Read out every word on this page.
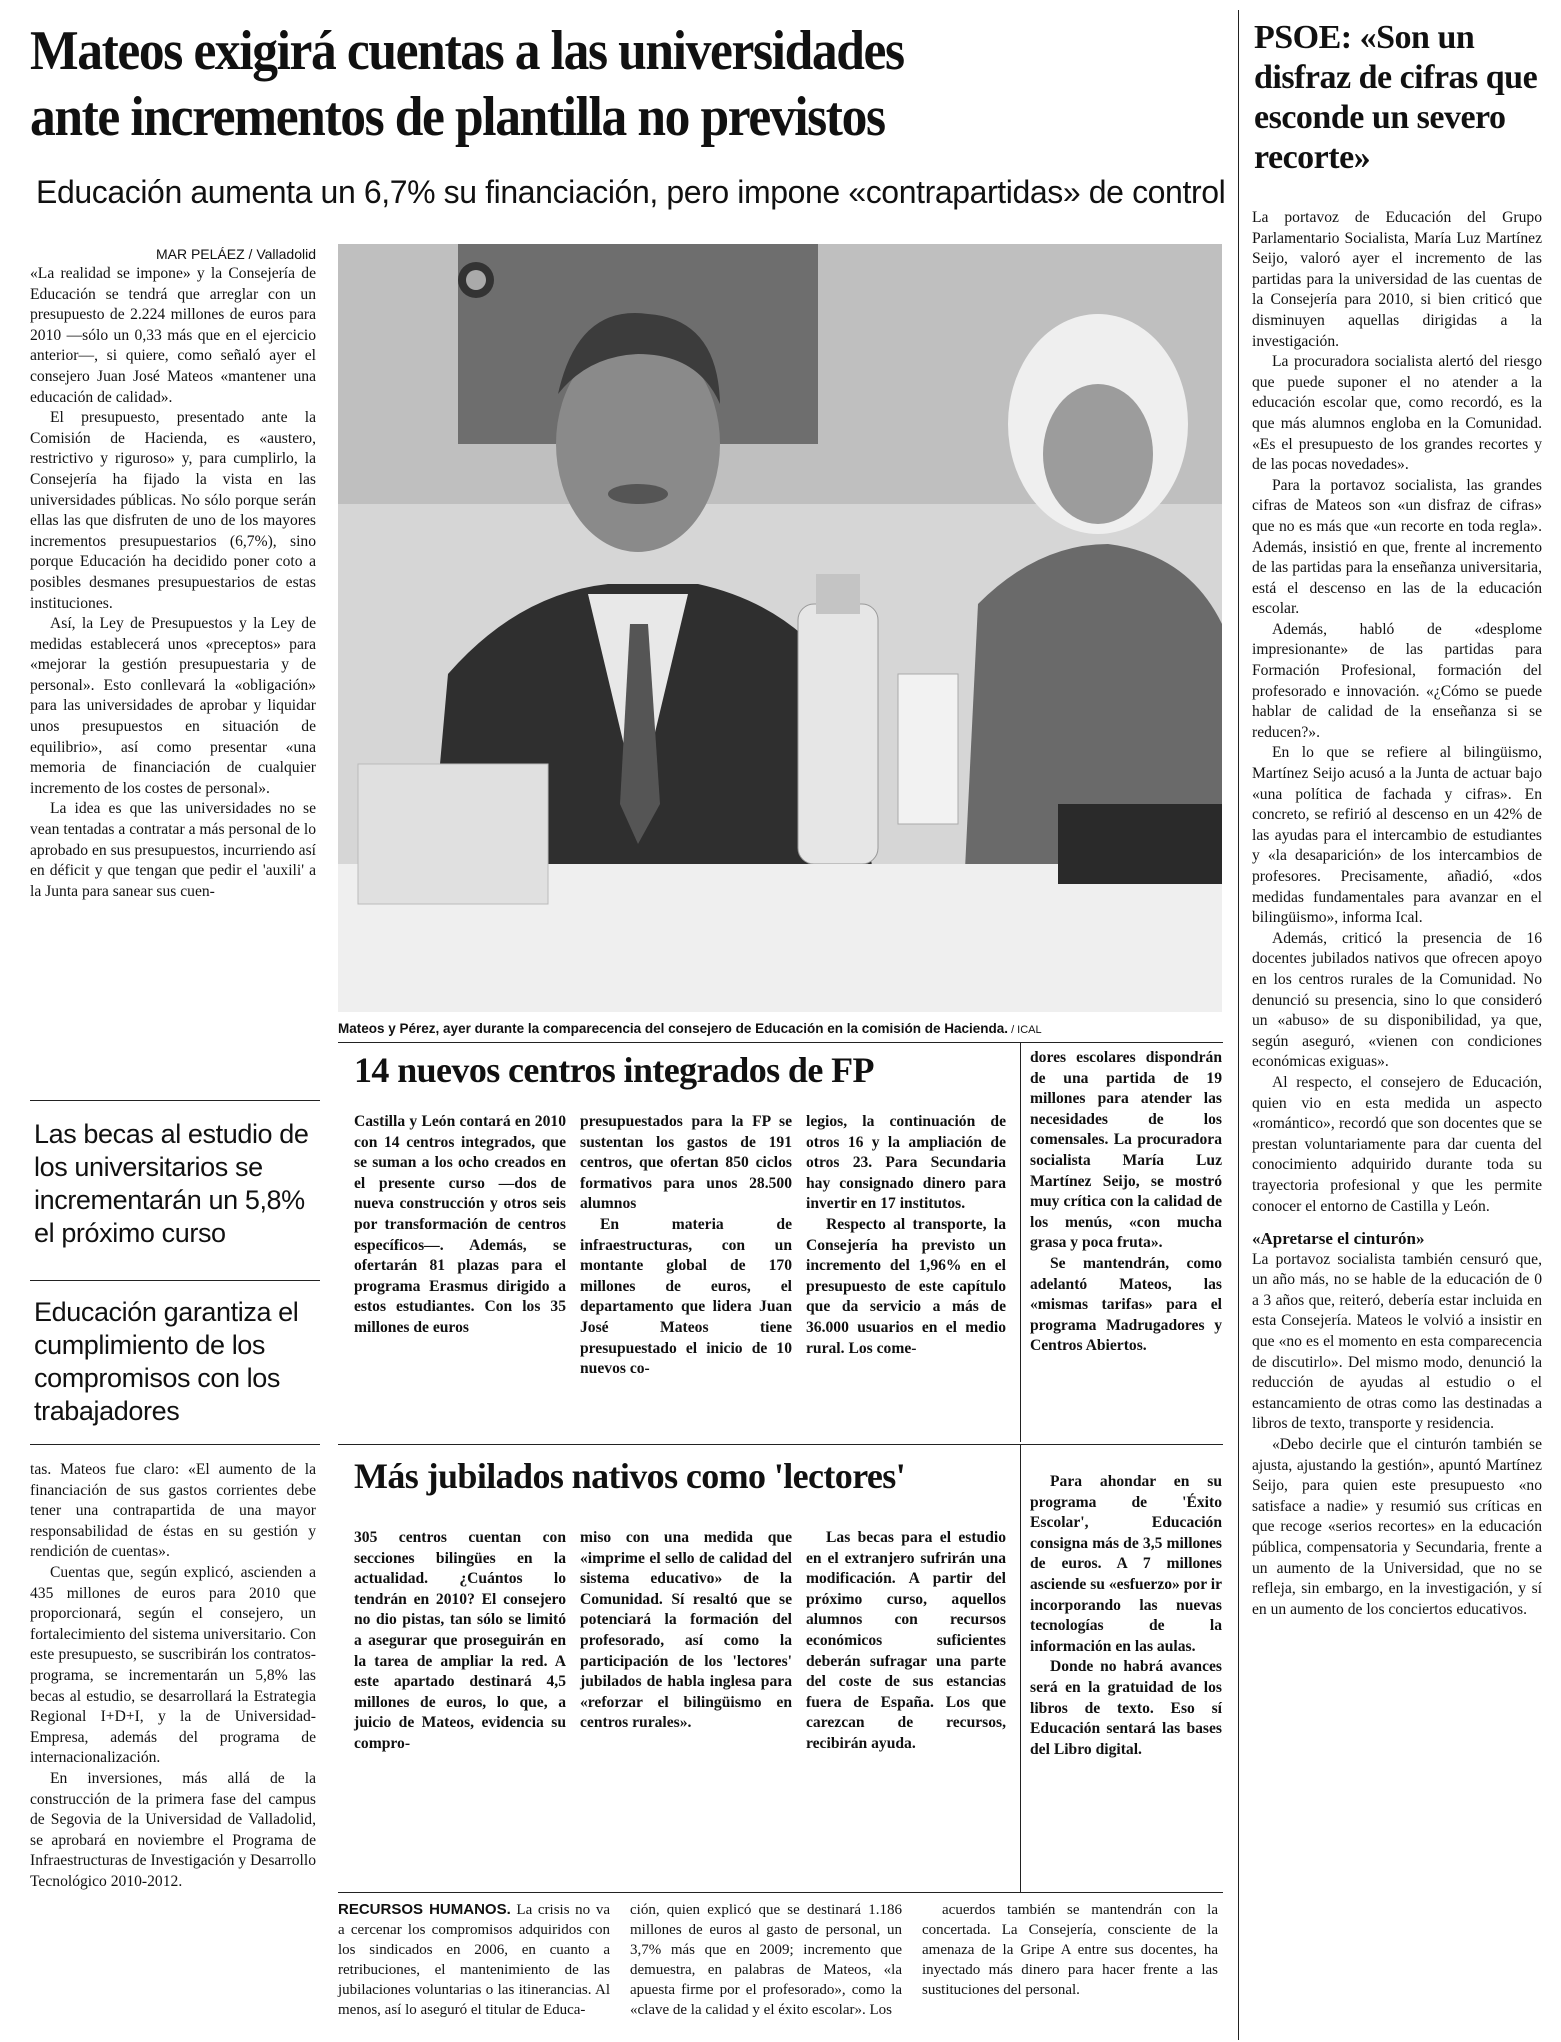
Mateos exigirá cuentas a las universidades
ante incrementos de plantilla no previstos
Educación aumenta un 6,7% su financiación, pero impone «contrapartidas» de control
PSOE: «Son un disfraz de cifras que esconde un severo recorte»

MAR PELÁEZ / Valladolid

«La realidad se impone» y la Consejería de Educación se tendrá que arreglar con un presupuesto de 2.224 millones de euros para 2010 —sólo un 0,33 más que en el ejercicio anterior—, si quiere, como señaló ayer el consejero Juan José Mateos «mantener una educación de calidad».

El presupuesto, presentado ante la Comisión de Hacienda, es «austero, restrictivo y riguroso» y, para cumplirlo, la Consejería ha fijado la vista en las universidades públicas. No sólo porque serán ellas las que disfruten de uno de los mayores incrementos presupuestarios (6,7%), sino porque Educación ha decidido poner coto a posibles desmanes presupuestarios de estas instituciones.

Así, la Ley de Presupuestos y la Ley de medidas establecerá unos «preceptos» para «mejorar la gestión presupuestaria y de personal». Esto conllevará la «obligación» para las universidades de aprobar y liquidar unos presupuestos en situación de equilibrio», así como presentar «una memoria de financiación de cualquier incremento de los costes de personal».

La idea es que las universidades no se vean tentadas a contratar a más personal de lo aprobado en sus presupuestos, incurriendo así en déficit y que tengan que pedir el 'auxili' a la Junta para sanear sus cuen-

Las becas al estudio de los universitarios se incrementarán un 5,8% el próximo curso
Educación garantiza el cumplimiento de los compromisos con los trabajadores

tas. Mateos fue claro: «El aumento de la financiación de sus gastos corrientes debe tener una contrapartida de una mayor responsabilidad de éstas en su gestión y rendición de cuentas».

Cuentas que, según explicó, ascienden a 435 millones de euros para 2010 que proporcionará, según el consejero, un fortalecimiento del sistema universitario. Con este presupuesto, se suscribirán los contratos-programa, se incrementarán un 5,8% las becas al estudio, se desarrollará la Estrategia Regional I+D+I, y la de Universidad-Empresa, además del programa de internacionalización.

En inversiones, más allá de la construcción de la primera fase del campus de Segovia de la Universidad de Valladolid, se aprobará en noviembre el Programa de Infraestructuras de Investigación y Desarrollo Tecnológico 2010-2012.

Mateos y Pérez, ayer durante la comparecencia del consejero de Educación en la comisión de Hacienda. / ICAL
14 nuevos centros integrados de FP

Castilla y León contará en 2010 con 14 centros integrados, que se suman a los ocho creados en el presente curso —dos de nueva construcción y otros seis por transformación de centros específicos—. Además, se ofertarán 81 plazas para el programa Erasmus dirigido a estos estudiantes. Con los 35 millones de euros

presupuestados para la FP se sustentan los gastos de 191 centros, que ofertan 850 ciclos formativos para unos 28.500 alumnos

En materia de infraestructuras, con un montante global de 170 millones de euros, el departamento que lidera Juan José Mateos tiene presupuestado el inicio de 10 nuevos co-

legios, la continuación de otros 16 y la ampliación de otros 23. Para Secundaria hay consignado dinero para invertir en 17 institutos.

Respecto al transporte, la Consejería ha previsto un incremento del 1,96% en el presupuesto de este capítulo que da servicio a más de 36.000 usuarios en el medio rural. Los come-

dores escolares dispondrán de una partida de 19 millones para atender las necesidades de los comensales. La procuradora socialista María Luz Martínez Seijo, se mostró muy crítica con la calidad de los menús, «con mucha grasa y poca fruta».

Se mantendrán, como adelantó Mateos, las «mismas tarifas» para el programa Madrugadores y Centros Abiertos.

Más jubilados nativos como 'lectores'

305 centros cuentan con secciones bilingües en la actualidad. ¿Cuántos lo tendrán en 2010? El consejero no dio pistas, tan sólo se limitó a asegurar que proseguirán en la tarea de ampliar la red. A este apartado destinará 4,5 millones de euros, lo que, a juicio de Mateos, evidencia su compro-

miso con una medida que «imprime el sello de calidad del sistema educativo» de la Comunidad. Sí resaltó que se potenciará la formación del profesorado, así como la participación de los 'lectores' jubilados de habla inglesa para «reforzar el bilingüismo en centros rurales».

Las becas para el estudio en el extranjero sufrirán una modificación. A partir del próximo curso, aquellos alumnos con recursos económicos suficientes deberán sufragar una parte del coste de sus estancias fuera de España. Los que carezcan de recursos, recibirán ayuda.

Para ahondar en su programa de 'Éxito Escolar', Educación consigna más de 3,5 millones de euros. A 7 millones asciende su «esfuerzo» por ir incorporando las nuevas tecnologías de la información en las aulas.

Donde no habrá avances será en la gratuidad de los libros de texto. Eso sí Educación sentará las bases del Libro digital.

RECURSOS HUMANOS. La crisis no va a cercenar los compromisos adquiridos con los sindicados en 2006, en cuanto a retribuciones, el mantenimiento de las jubilaciones voluntarias o las itinerancias. Al menos, así lo aseguró el titular de Educa-

ción, quien explicó que se destinará 1.186 millones de euros al gasto de personal, un 3,7% más que en 2009; incremento que demuestra, en palabras de Mateos, «la apuesta firme por el profesorado», como la «clave de la calidad y el éxito escolar». Los

acuerdos también se mantendrán con la concertada. La Consejería, consciente de la amenaza de la Gripe A entre sus docentes, ha inyectado más dinero para hacer frente a las sustituciones del personal.

La portavoz de Educación del Grupo Parlamentario Socialista, María Luz Martínez Seijo, valoró ayer el incremento de las partidas para la universidad de las cuentas de la Consejería para 2010, si bien criticó que disminuyen aquellas dirigidas a la investigación.

La procuradora socialista alertó del riesgo que puede suponer el no atender a la educación escolar que, como recordó, es la que más alumnos engloba en la Comunidad. «Es el presupuesto de los grandes recortes y de las pocas novedades».

Para la portavoz socialista, las grandes cifras de Mateos son «un disfraz de cifras» que no es más que «un recorte en toda regla». Además, insistió en que, frente al incremento de las partidas para la enseñanza universitaria, está el descenso en las de la educación escolar.

Además, habló de «desplome impresionante» de las partidas para Formación Profesional, formación del profesorado e innovación. «¿Cómo se puede hablar de calidad de la enseñanza si se reducen?».

En lo que se refiere al bilingüismo, Martínez Seijo acusó a la Junta de actuar bajo «una política de fachada y cifras». En concreto, se refirió al descenso en un 42% de las ayudas para el intercambio de estudiantes y «la desaparición» de los intercambios de profesores. Precisamente, añadió, «dos medidas fundamentales para avanzar en el bilingüismo», informa Ical.

Además, criticó la presencia de 16 docentes jubilados nativos que ofrecen apoyo en los centros rurales de la Comunidad. No denunció su presencia, sino lo que consideró un «abuso» de su disponibilidad, ya que, según aseguró, «vienen con condiciones económicas exiguas».

Al respecto, el consejero de Educación, quien vio en esta medida un aspecto «romántico», recordó que son docentes que se prestan voluntariamente para dar cuenta del conocimiento adquirido durante toda su trayectoria profesional y que les permite conocer el entorno de Castilla y León.

«Apretarse el cinturón»

La portavoz socialista también censuró que, un año más, no se hable de la educación de 0 a 3 años que, reiteró, debería estar incluida en esta Consejería. Mateos le volvió a insistir en que «no es el momento en esta comparecencia de discutirlo». Del mismo modo, denunció la reducción de ayudas al estudio o el estancamiento de otras como las destinadas a libros de texto, transporte y residencia.

«Debo decirle que el cinturón también se ajusta, ajustando la gestión», apuntó Martínez Seijo, para quien este presupuesto «no satisface a nadie» y resumió sus críticas en que recoge «serios recortes» en la educación pública, compensatoria y Secundaria, frente a un aumento de la Universidad, que no se refleja, sin embargo, en la investigación, y sí en un aumento de los conciertos educativos.
